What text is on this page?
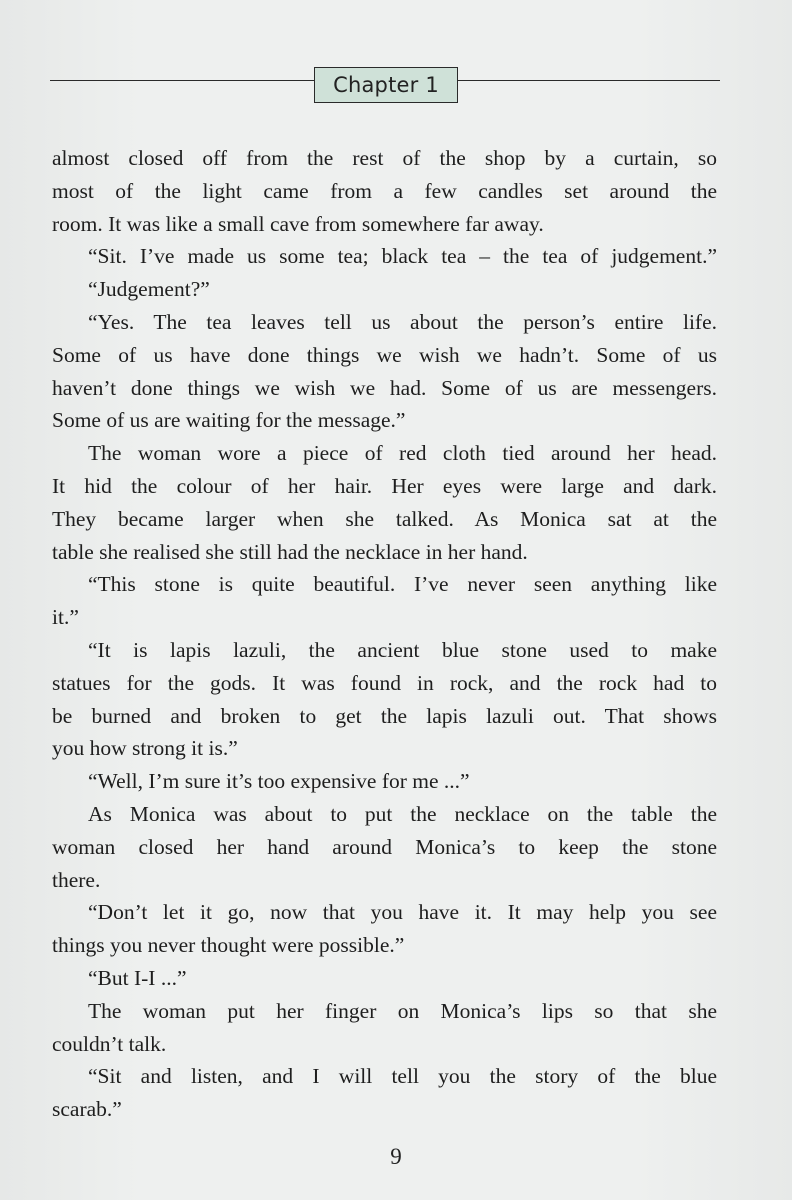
Chapter 1
almost closed off from the rest of the shop by a curtain, so
most of the light came from a few candles set around the
room. It was like a small cave from somewhere far away.
“Sit. I’ve made us some tea; black tea – the tea of judgement.”
“Judgement?”
“Yes. The tea leaves tell us about the person’s entire life.
Some of us have done things we wish we hadn’t. Some of us
haven’t done things we wish we had. Some of us are messengers.
Some of us are waiting for the message.”
The woman wore a piece of red cloth tied around her head.
It hid the colour of her hair. Her eyes were large and dark.
They became larger when she talked. As Monica sat at the
table she realised she still had the necklace in her hand.
“This stone is quite beautiful. I’ve never seen anything like
it.”
“It is lapis lazuli, the ancient blue stone used to make
statues for the gods. It was found in rock, and the rock had to
be burned and broken to get the lapis lazuli out. That shows
you how strong it is.”
“Well, I’m sure it’s too expensive for me ...”
As Monica was about to put the necklace on the table the
woman closed her hand around Monica’s to keep the stone
there.
“Don’t let it go, now that you have it. It may help you see
things you never thought were possible.”
“But I-I ...”
The woman put her finger on Monica’s lips so that she
couldn’t talk.
“Sit and listen, and I will tell you the story of the blue
scarab.”
9
